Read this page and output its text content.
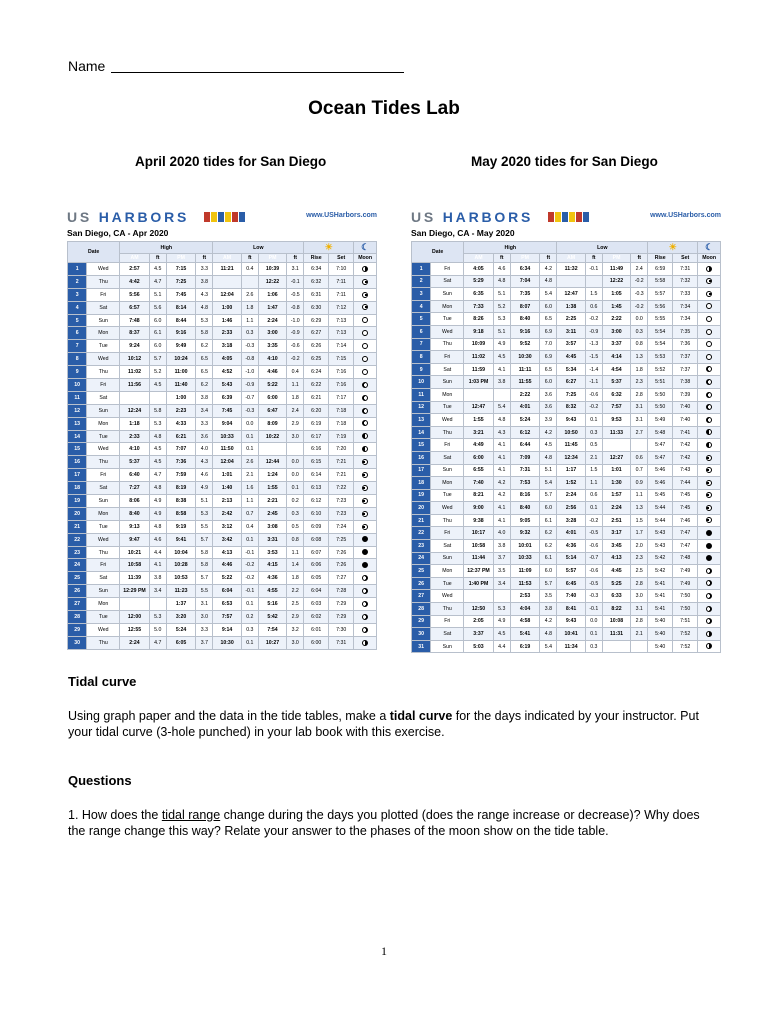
Name
Ocean Tides Lab
April 2020 tides for San Diego	May 2020 tides for San Diego
US HARBORS	www.USHarbors.com
San Diego, CA - Apr 2020
Date		High				Low				☀		☾
		AM	ft	PM	ft	AM	ft	PM	ft	Rise	Set	Moon
1	Wed	2:57	4.5	7:15	3.3	11:21	0.4	10:39	3.1	6:34	7:10	
2	Thu	4:42	4.7	7:25	3.8			12:22	-0.1	6:32	7:11	
3	Fri	5:56	5.1	7:45	4.3	12:04	2.6	1:06	-0.5	6:31	7:11	
4	Sat	6:57	5.6	8:14	4.8	1:00	1.8	1:47	-0.8	6:30	7:12	
5	Sun	7:48	6.0	8:44	5.3	1:46	1.1	2:24	-1.0	6:29	7:13	
6	Mon	8:37	6.1	9:16	5.8	2:33	0.3	3:00	-0.9	6:27	7:13	
7	Tue	9:24	6.0	9:49	6.2	3:18	-0.3	3:35	-0.6	6:26	7:14	
8	Wed	10:12	5.7	10:24	6.5	4:05	-0.8	4:10	-0.2	6:25	7:15	
9	Thu	11:02	5.2	11:00	6.5	4:52	-1.0	4:46	0.4	6:24	7:16	
10	Fri	11:56	4.5	11:40	6.2	5:43	-0.9	5:22	1.1	6:22	7:16	
11	Sat			1:00	3.8	6:39	-0.7	6:00	1.8	6:21	7:17	
12	Sun	12:24	5.8	2:23	3.4	7:45	-0.3	6:47	2.4	6:20	7:18	
13	Mon	1:18	5.3	4:33	3.3	9:04	0.0	8:09	2.9	6:19	7:18	
14	Tue	2:33	4.8	6:21	3.6	10:33	0.1	10:22	3.0	6:17	7:19	
15	Wed	4:10	4.5	7:07	4.0	11:50	0.1			6:16	7:20	
16	Thu	5:37	4.5	7:36	4.3	12:04	2.6	12:44	0.0	6:15	7:21	
17	Fri	6:40	4.7	7:59	4.6	1:01	2.1	1:24	0.0	6:14	7:21	
18	Sat	7:27	4.8	8:19	4.9	1:40	1.6	1:55	0.1	6:13	7:22	
19	Sun	8:06	4.9	8:38	5.1	2:13	1.1	2:21	0.2	6:12	7:23	
20	Mon	8:40	4.9	8:58	5.3	2:42	0.7	2:45	0.3	6:10	7:23	
21	Tue	9:13	4.8	9:19	5.5	3:12	0.4	3:08	0.5	6:09	7:24	
22	Wed	9:47	4.6	9:41	5.7	3:42	0.1	3:31	0.8	6:08	7:25	
23	Thu	10:21	4.4	10:04	5.8	4:13	-0.1	3:53	1.1	6:07	7:26	
24	Fri	10:58	4.1	10:28	5.8	4:46	-0.2	4:15	1.4	6:06	7:26	
25	Sat	11:39	3.8	10:53	5.7	5:22	-0.2	4:36	1.8	6:05	7:27	
26	Sun	12:29 PM	3.4	11:23	5.5	6:04	-0.1	4:55	2.2	6:04	7:28	
27	Mon			1:37	3.1	6:53	0.1	5:16	2.5	6:03	7:29	
28	Tue	12:00	5.3	3:20	3.0	7:57	0.2	5:42	2.9	6:02	7:29	
29	Wed	12:55	5.0	5:24	3.3	9:14	0.3	7:54	3.2	6:01	7:30	
30	Thu	2:24	4.7	6:05	3.7	10:30	0.1	10:27	3.0	6:00	7:31	
US HARBORS	www.USHarbors.com
San Diego, CA - May 2020
Date		High				Low				☀		☾
		AM	ft	PM	ft	AM	ft	PM	ft	Rise	Set	Moon
1	Fri	4:05	4.6	6:34	4.2	11:32	-0.1	11:49	2.4	6:59	7:31	
2	Sat	5:29	4.8	7:04	4.8			12:22	-0.2	5:58	7:32	
3	Sun	6:35	5.1	7:35	5.4	12:47	1.5	1:05	-0.3	5:57	7:33	
4	Mon	7:33	5.2	8:07	6.0	1:38	0.6	1:45	-0.2	5:56	7:34	
5	Tue	8:26	5.3	8:40	6.5	2:25	-0.2	2:22	0.0	5:55	7:34	
6	Wed	9:18	5.1	9:16	6.9	3:11	-0.9	3:00	0.3	5:54	7:35	
7	Thu	10:09	4.9	9:52	7.0	3:57	-1.3	3:37	0.8	5:54	7:36	
8	Fri	11:02	4.5	10:30	6.9	4:45	-1.5	4:14	1.3	5:53	7:37	
9	Sat	11:59	4.1	11:11	6.5	5:34	-1.4	4:54	1.8	5:52	7:37	
10	Sun	1:03 PM	3.8	11:55	6.0	6:27	-1.1	5:37	2.3	5:51	7:38	
11	Mon			2:22	3.6	7:25	-0.6	6:32	2.8	5:50	7:39	
12	Tue	12:47	5.4	4:01	3.6	8:32	-0.2	7:57	3.1	5:50	7:40	
13	Wed	1:55	4.8	5:24	3.9	9:43	0.1	9:53	3.1	5:49	7:40	
14	Thu	3:21	4.3	6:12	4.2	10:50	0.3	11:33	2.7	5:48	7:41	
15	Fri	4:49	4.1	6:44	4.5	11:45	0.5			5:47	7:42	
16	Sat	6:00	4.1	7:09	4.8	12:34	2.1	12:27	0.6	5:47	7:42	
17	Sun	6:55	4.1	7:31	5.1	1:17	1.5	1:01	0.7	5:46	7:43	
18	Mon	7:40	4.2	7:53	5.4	1:52	1.1	1:30	0.9	5:46	7:44	
19	Tue	8:21	4.2	8:16	5.7	2:24	0.6	1:57	1.1	5:45	7:45	
20	Wed	9:00	4.1	8:40	6.0	2:56	0.1	2:24	1.3	5:44	7:45	
21	Thu	9:38	4.1	9:05	6.1	3:28	-0.2	2:51	1.5	5:44	7:46	
22	Fri	10:17	4.0	9:32	6.2	4:01	-0.5	3:17	1.7	5:43	7:47	
23	Sat	10:58	3.8	10:01	6.2	4:36	-0.6	3:45	2.0	5:43	7:47	
24	Sun	11:44	3.7	10:33	6.1	5:14	-0.7	4:13	2.3	5:42	7:48	
25	Mon	12:37 PM	3.5	11:09	6.0	5:57	-0.6	4:45	2.5	5:42	7:49	
26	Tue	1:40 PM	3.4	11:53	5.7	6:45	-0.5	5:25	2.8	5:41	7:49	
27	Wed			2:53	3.5	7:40	-0.3	6:33	3.0	5:41	7:50	
28	Thu	12:50	5.3	4:04	3.8	8:41	-0.1	8:22	3.1	5:41	7:50	
29	Fri	2:05	4.9	4:58	4.2	9:43	0.0	10:08	2.8	5:40	7:51	
30	Sat	3:37	4.5	5:41	4.8	10:41	0.1	11:31	2.1	5:40	7:52	
31	Sun	5:03	4.4	6:19	5.4	11:34	0.3			5:40	7:52	
Tidal curve
Using graph paper and the data in the tide tables, make a tidal curve for the days indicated by your instructor. Put your tidal curve (3-hole punched) in your lab book with this exercise.
Questions
1. How does the tidal range change during the days you plotted (does the range increase or decrease)? Why does the range change this way? Relate your answer to the phases of the moon show on the tide table.
1
